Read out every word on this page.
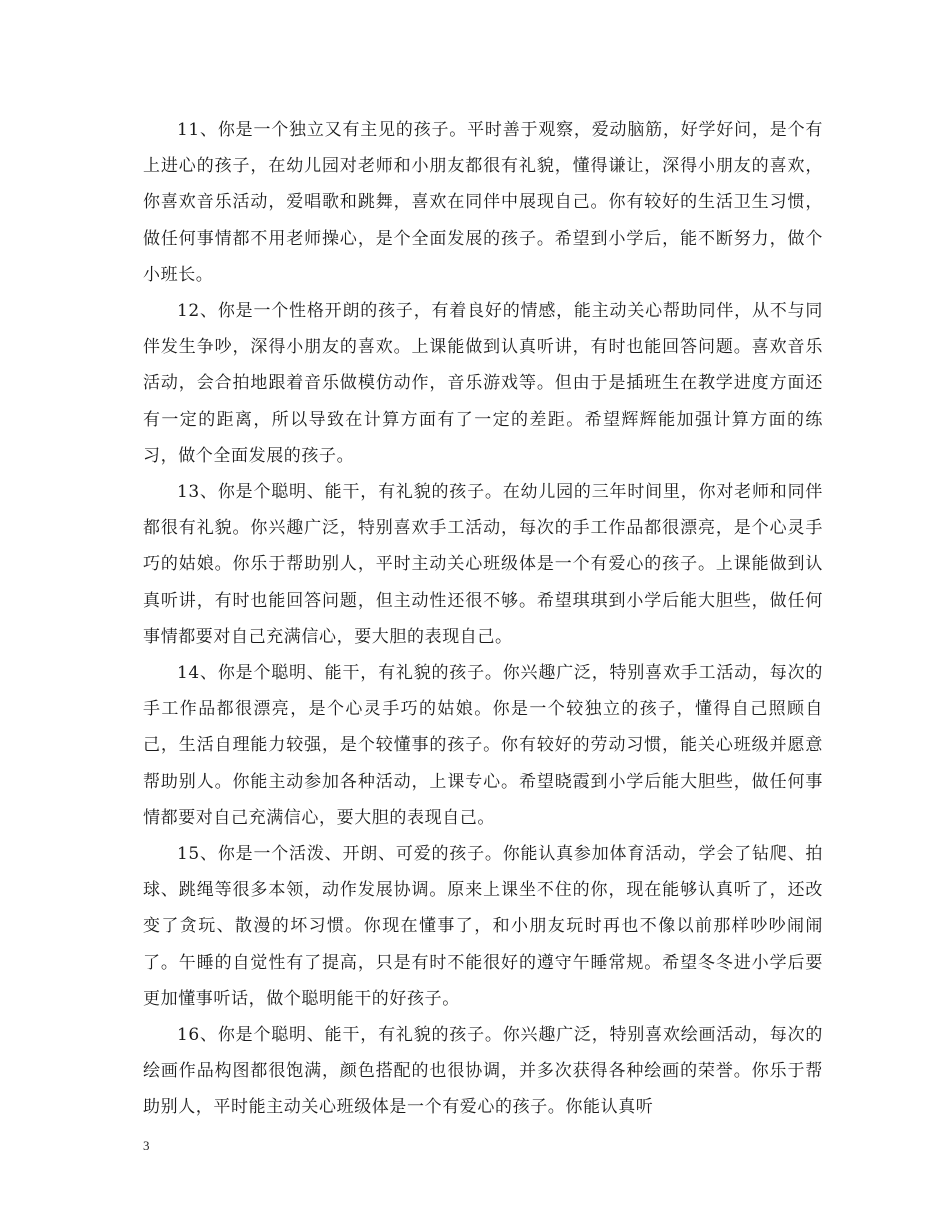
11、你是一个独立又有主见的孩子。平时善于观察，爱动脑筋，好学好问，是个有上进心的孩子，在幼儿园对老师和小朋友都很有礼貌，懂得谦让，深得小朋友的喜欢，你喜欢音乐活动，爱唱歌和跳舞，喜欢在同伴中展现自己。你有较好的生活卫生习惯，做任何事情都不用老师操心，是个全面发展的孩子。希望到小学后，能不断努力，做个小班长。

12、你是一个性格开朗的孩子，有着良好的情感，能主动关心帮助同伴，从不与同伴发生争吵，深得小朋友的喜欢。上课能做到认真听讲，有时也能回答问题。喜欢音乐活动，会合拍地跟着音乐做模仿动作，音乐游戏等。但由于是插班生在教学进度方面还有一定的距离，所以导致在计算方面有了一定的差距。希望辉辉能加强计算方面的练习，做个全面发展的孩子。

13、你是个聪明、能干，有礼貌的孩子。在幼儿园的三年时间里，你对老师和同伴都很有礼貌。你兴趣广泛，特别喜欢手工活动，每次的手工作品都很漂亮，是个心灵手巧的姑娘。你乐于帮助别人，平时主动关心班级体是一个有爱心的孩子。上课能做到认真听讲，有时也能回答问题，但主动性还很不够。希望琪琪到小学后能大胆些，做任何事情都要对自己充满信心，要大胆的表现自己。

14、你是个聪明、能干，有礼貌的孩子。你兴趣广泛，特别喜欢手工活动，每次的手工作品都很漂亮，是个心灵手巧的姑娘。你是一个较独立的孩子，懂得自己照顾自己，生活自理能力较强，是个较懂事的孩子。你有较好的劳动习惯，能关心班级并愿意帮助别人。你能主动参加各种活动，上课专心。希望晓霞到小学后能大胆些，做任何事情都要对自己充满信心，要大胆的表现自己。

15、你是一个活泼、开朗、可爱的孩子。你能认真参加体育活动，学会了钻爬、拍球、跳绳等很多本领，动作发展协调。原来上课坐不住的你，现在能够认真听了，还改变了贪玩、散漫的坏习惯。你现在懂事了，和小朋友玩时再也不像以前那样吵吵闹闹了。午睡的自觉性有了提高，只是有时不能很好的遵守午睡常规。希望冬冬进小学后要更加懂事听话，做个聪明能干的好孩子。

16、你是个聪明、能干，有礼貌的孩子。你兴趣广泛，特别喜欢绘画活动，每次的绘画作品构图都很饱满，颜色搭配的也很协调，并多次获得各种绘画的荣誉。你乐于帮助别人，平时能主动关心班级体是一个有爱心的孩子。你能认真听

3
